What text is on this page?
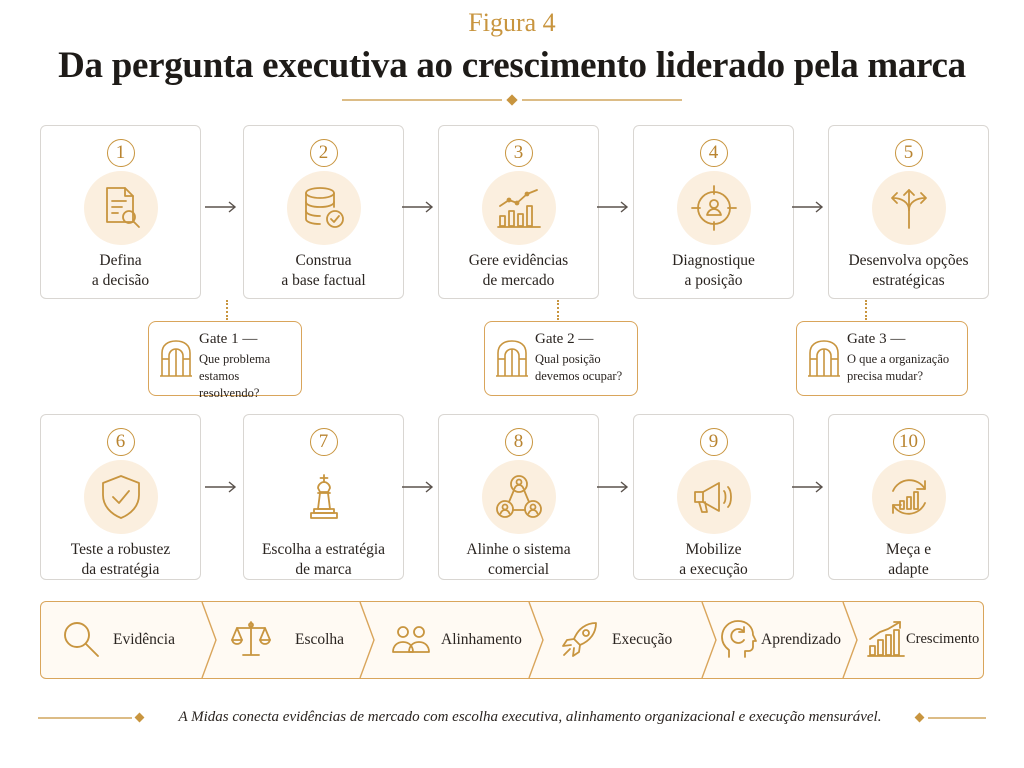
Figura 4
Da pergunta executiva ao crescimento liderado pela marca
1
Defina
a decisão
2
Construa
a base factual
3
Gere evidências
de mercado
4
Diagnostique
a posição
5
Desenvolva opções
estratégicas
Gate 1 —
Que problema estamos resolvendo?
Gate 2 —
Qual posição devemos ocupar?
Gate 3 —
O que a organização precisa mudar?
6
Teste a robustez
da estratégia
7
Escolha a estratégia
de marca
8
Alinhe o sistema
comercial
9
Mobilize
a execução
10
Meça e
adapte
Evidência	Escolha	Alinhamento	Execução	Aprendizado	Crescimento
A Midas conecta evidências de mercado com escolha executiva, alinhamento organizacional e execução mensurável.
